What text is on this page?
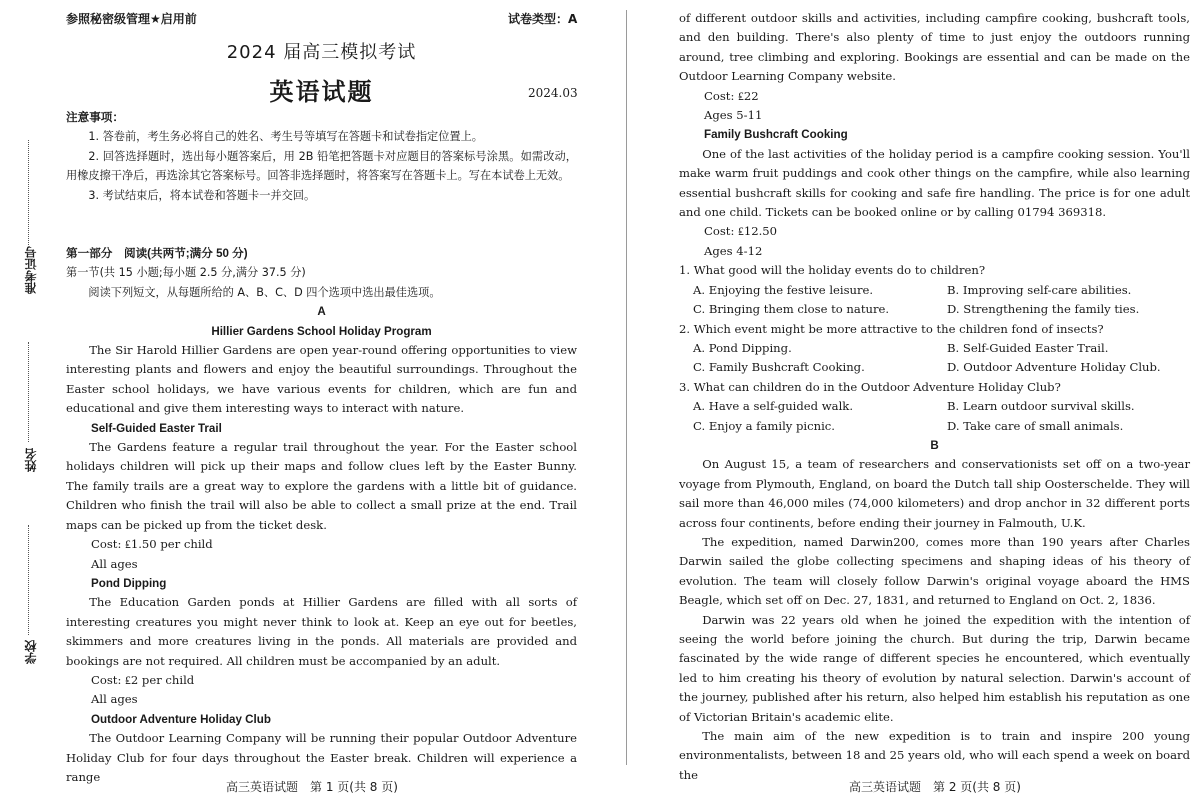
准考证号
姓名
学校
参照秘密级管理★启用前
2024 届高三模拟考试
英语试题	2024.03
注意事项：

1. 答卷前，考生务必将自己的姓名、考生号等填写在答题卡和试卷指定位置上。

2. 回答选择题时，选出每小题答案后，用 2B 铅笔把答题卡对应题目的答案标号涂黑。如需改动，用橡皮擦干净后，再选涂其它答案标号。回答非选择题时，将答案写在答题卡上。写在本试卷上无效。

3. 考试结束后，将本试卷和答题卡一并交回。

第一部分　阅读(共两节;满分 50 分)

第一节(共 15 小题;每小题 2.5 分,满分 37.5 分)

阅读下列短文，从每题所给的 A、B、C、D 四个选项中选出最佳选项。

A
Hillier Gardens School Holiday Program

The Sir Harold Hillier Gardens are open year-round offering opportunities to view interesting plants and flowers and enjoy the beautiful surroundings. Throughout the Easter school holidays, we have various events for children, which are fun and educational and give them interesting ways to interact with nature.

Self-Guided Easter Trail

The Gardens feature a regular trail throughout the year. For the Easter school holidays children will pick up their maps and follow clues left by the Easter Bunny. The family trails are a great way to explore the gardens with a little bit of guidance. Children who finish the trail will also be able to collect a small prize at the end. Trail maps can be picked up from the ticket desk.

Cost: ₤1.50 per child

All ages

Pond Dipping

The Education Garden ponds at Hillier Gardens are filled with all sorts of interesting creatures you might never think to look at. Keep an eye out for beetles, skimmers and more creatures living in the ponds. All materials are provided and bookings are not required. All children must be accompanied by an adult.

Cost: ₤2 per child

All ages

Outdoor Adventure Holiday Club

The Outdoor Learning Company will be running their popular Outdoor Adventure Holiday Club for four days throughout the Easter break. Children will experience a range

高三英语试题　第 1 页(共 8 页)

of different outdoor skills and activities, including campfire cooking, bushcraft tools, and den building. There's also plenty of time to just enjoy the outdoors running around, tree climbing and exploring. Bookings are essential and can be made on the Outdoor Learning Company website.

Cost: ₤22

Ages 5-11

Family Bushcraft Cooking

One of the last activities of the holiday period is a campfire cooking session. You'll make warm fruit puddings and cook other things on the campfire, while also learning essential bushcraft skills for cooking and safe fire handling. The price is for one adult and one child. Tickets can be booked online or by calling 01794 369318.

Cost: ₤12.50

Ages 4-12

1. What good will the holiday events do to children?

A. Enjoying the festive leisure.	B. Improving self-care abilities.
C. Bringing them close to nature.	D. Strengthening the family ties.

2. Which event might be more attractive to the children fond of insects?

A. Pond Dipping.	B. Self-Guided Easter Trail.
C. Family Bushcraft Cooking.	D. Outdoor Adventure Holiday Club.

3. What can children do in the Outdoor Adventure Holiday Club?

A. Have a self-guided walk.	B. Learn outdoor survival skills.
C. Enjoy a family picnic.	D. Take care of small animals.
B

On August 15, a team of researchers and conservationists set off on a two-year voyage from Plymouth, England, on board the Dutch tall ship Oosterschelde. They will sail more than 46,000 miles (74,000 kilometers) and drop anchor in 32 different ports across four continents, before ending their journey in Falmouth, U.K.

The expedition, named Darwin200, comes more than 190 years after Charles Darwin sailed the globe collecting specimens and shaping ideas of his theory of evolution. The team will closely follow Darwin's original voyage aboard the HMS Beagle, which set off on Dec. 27, 1831, and returned to England on Oct. 2, 1836.

Darwin was 22 years old when he joined the expedition with the intention of seeing the world before joining the church. But during the trip, Darwin became fascinated by the wide range of different species he encountered, which eventually led to him creating his theory of evolution by natural selection. Darwin's account of the journey, published after his return, also helped him establish his reputation as one of Victorian Britain's academic elite.

The main aim of the new expedition is to train and inspire 200 young environmentalists, between 18 and 25 years old, who will each spend a week on board the

高三英语试题　第 2 页(共 8 页)
试卷类型：A
